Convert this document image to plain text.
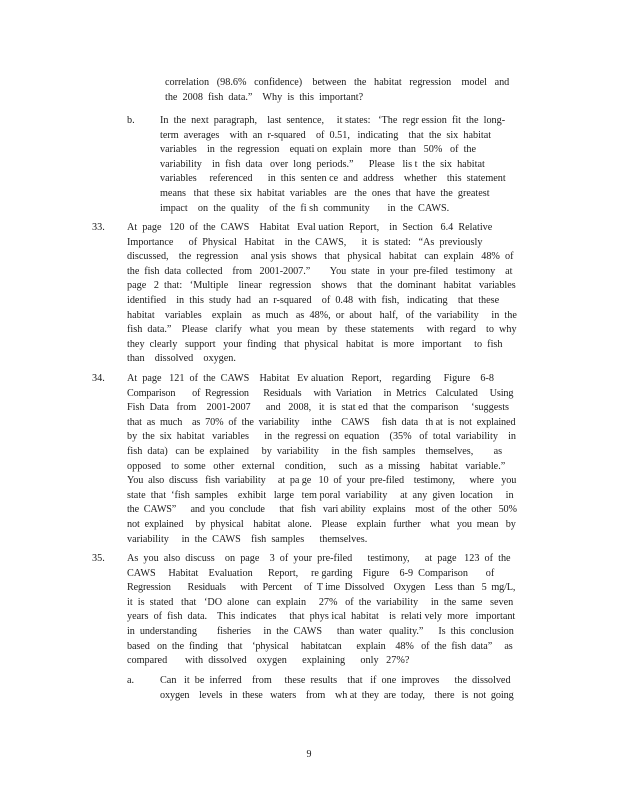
correlation   (98.6%   confidence)    between   the   habitat   regression    model   and
the  2008  fish  data.”    Why  is  this  important?
b. In  the  next  paragraph,    last  sentence,     it states:   ‘The  regr ession  fit  the  long-
term  averages    with  an  r-squared    of  0.51,   indicating    that  the  six  habitat
variables    in  the  regression    equati on  explain   more   than   50%   of  the
variability    in  fish  data   over  long  periods.”      Please   lis t  the  six  habitat
variables     referenced      in  this  senten ce  and  address    whether    this  statement
means   that  these  six  habitat  variables   are   the  ones  that  have  the  greatest
impact    on  the  quality    of  the  fi sh  community       in  the  CAWS.
33. At  page   120  of  the  CAWS    Habitat   Eval uation  Report,    in  Section   6.4  Relative
Importance      of  Physical   Habitat    in  the  CAWS,      it  is  stated:   “As  previously
discussed,    the  regression     anal ysis  shows   that   physical   habitat   can  explain   48%  of
the  fish  data  collected    from   2001-2007.”        You  state   in  your  pre-filed   testimony    at
page   2  that:   ‘Multiple    linear   regression    shows    that   the  dominant   habitat   variables
identified    in  this  study  had   an  r-squared    of  0.48  with  fish,   indicating    that  these
habitat    variables    explain    as  much   as  48%,  or  about   half,   of  the  variability     in  the
fish  data.”    Please   clarify   what   you  mean   by   these  statements     with  regard    to  why
they  clearly   support   your  finding   that  physical   habitat   is  more   important     to  fish
than    dissolved    oxygen.
34. At  page   121  of  the  CAWS    Habitat   Ev aluation   Report,    regarding     Figure    6-8
Comparison       of  Regression      Residuals     with  Variation     in  Metrics    Calculated     Using
Fish  Data   from    2001-2007      and   2008,   it  is  stat ed  that  the  comparison     ‘suggests
that  as  much    as  70%  of  the  variability     inthe    CAWS     fish  data   th at  is  not  explained
by  the  six  habitat   variables      in  the  regressi on  equation    (35%   of  total  variability    in
fish  data)   can  be  explained     by  variability     in  the  fish  samples    themselves,        as
opposed    to  some   other   external    condition,     such   as  a  missing    habitat   variable.”
You  also  discuss   fish  variability     at  pa ge   10  of  your  pre-filed    testimony,      where   you
state  that  ‘fish  samples    exhibit   large   tem poral  variability     at  any  given  location     in
the  CAWS”      and  you  conclude      that   fish   vari ability   explains    most   of  the  other   50%
not  explained     by  physical    habitat   alone.    Please    explain   further    what   you  mean   by
variability     in  the  CAWS    fish  samples      themselves.
35. As  you  also  discuss    on  page    3  of  your  pre-filed      testimony,      at  page   123  of  the
CAWS     Habitat    Evaluation      Report,     re garding    Figure    6-9  Comparison       of
Regression       Residuals      with  Percent     of  T ime  Dissolved    Oxygen    Less  than   5  mg/L,
it  is  stated   that   ‘DO  alone   can  explain     27%   of  the  variability     in  the  same   seven
years  of  fish  data.    This  indicates     that  phys ical  habitat    is  relati vely  more   important
in  understanding        fisheries     in  the  CAWS      than  water   quality.”      Is  this  conclusion
based   on  the  finding    that    ‘physical     habitatcan      explain    48%   of  the  fish  data”     as
compared       with  dissolved    oxygen      explaining      only   27%?
a.	Can   it  be  inferred    from     these  results    that   if  one  improves      the  dissolved
oxygen    levels   in  these   waters    from    wh at  they  are  today,    there   is  not  going
9
